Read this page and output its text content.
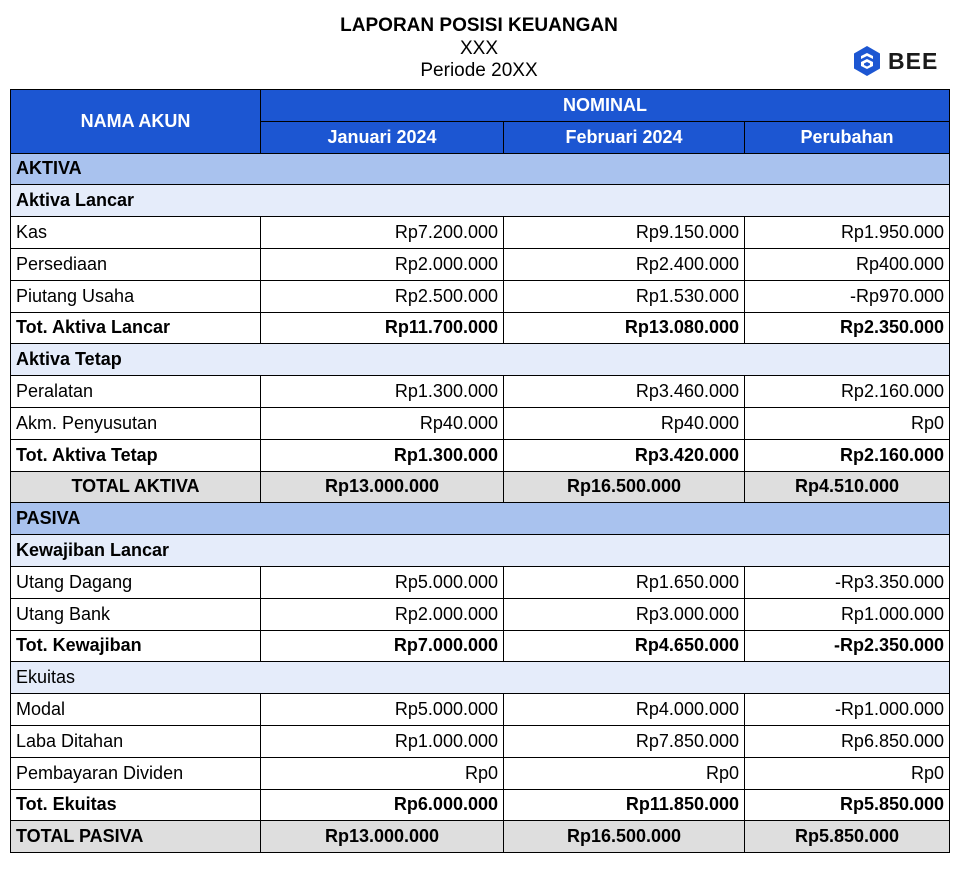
LAPORAN POSISI KEUANGAN
XXX
Periode 20XX	BEE
NAMA AKUN	NOMINAL		
	Januari 2024	Februari 2024	Perubahan
AKTIVA			
Aktiva Lancar			
Kas	Rp7.200.000	Rp9.150.000	Rp1.950.000
Persediaan	Rp2.000.000	Rp2.400.000	Rp400.000
Piutang Usaha	Rp2.500.000	Rp1.530.000	-Rp970.000
Tot. Aktiva Lancar	Rp11.700.000	Rp13.080.000	Rp2.350.000
Aktiva Tetap			
Peralatan	Rp1.300.000	Rp3.460.000	Rp2.160.000
Akm. Penyusutan	Rp40.000	Rp40.000	Rp0
Tot. Aktiva Tetap	Rp1.300.000	Rp3.420.000	Rp2.160.000
TOTAL AKTIVA	Rp13.000.000	Rp16.500.000	Rp4.510.000
PASIVA			
Kewajiban Lancar			
Utang Dagang	Rp5.000.000	Rp1.650.000	-Rp3.350.000
Utang Bank	Rp2.000.000	Rp3.000.000	Rp1.000.000
Tot. Kewajiban	Rp7.000.000	Rp4.650.000	-Rp2.350.000
Ekuitas			
Modal	Rp5.000.000	Rp4.000.000	-Rp1.000.000
Laba Ditahan	Rp1.000.000	Rp7.850.000	Rp6.850.000
Pembayaran Dividen	Rp0	Rp0	Rp0
Tot. Ekuitas	Rp6.000.000	Rp11.850.000	Rp5.850.000
TOTAL PASIVA	Rp13.000.000	Rp16.500.000	Rp5.850.000
